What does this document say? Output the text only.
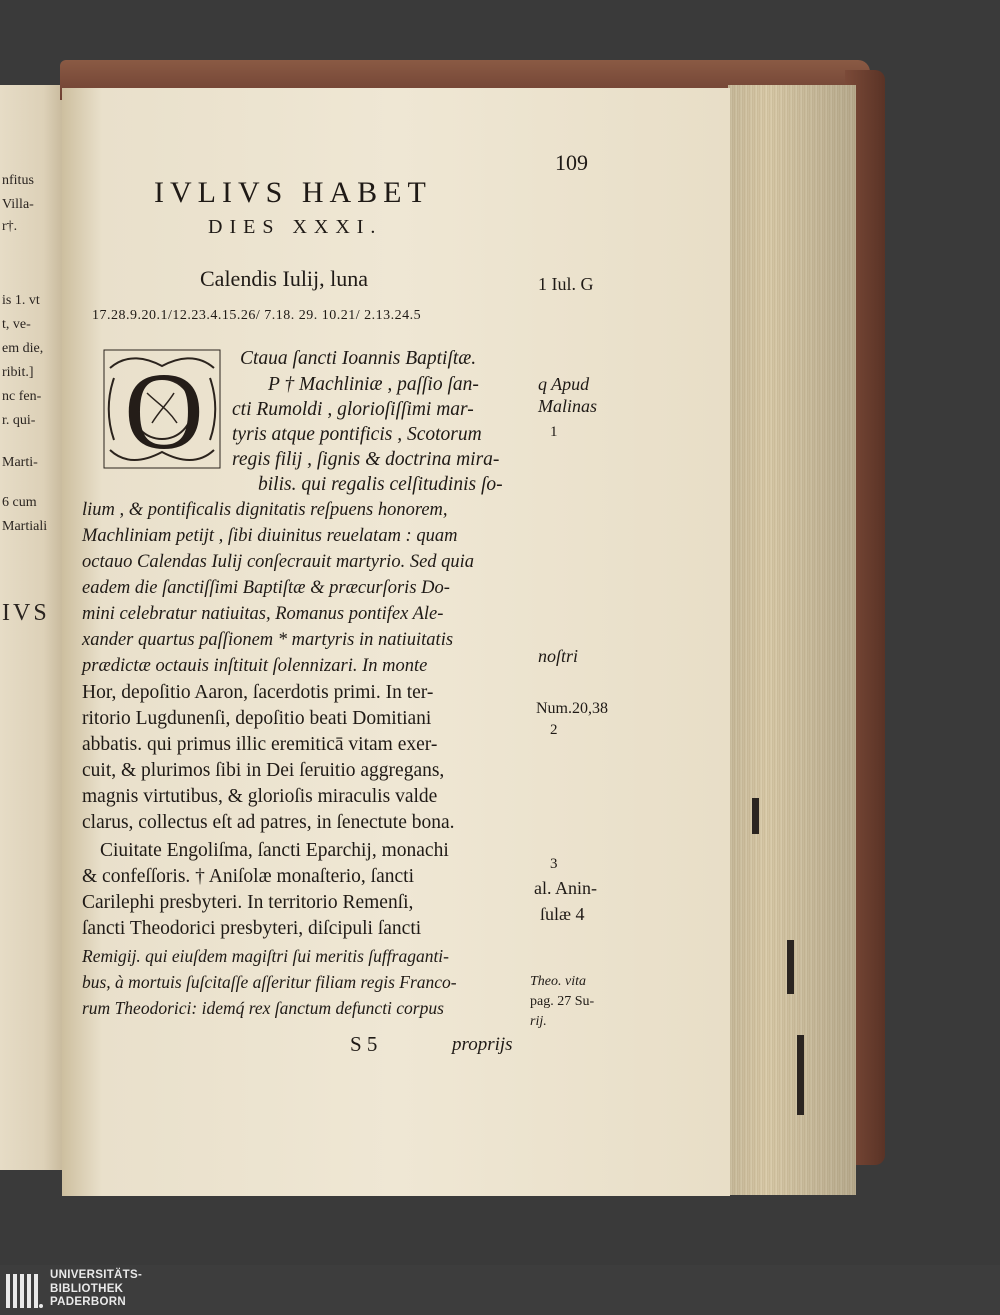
nfitus
Villa-
r†.
is 1. vt
t, ve-
em die,
ribit.]
nc fen-
r. qui-
Marti-
6 cum
Martiali
IVS
109
IVLIVS HABET
DIES XXXI.
Calendis Iulij, luna
17.28.9.20.1/12.23.4.15.26/ 7.18. 29. 10.21/ 2.13.24.5
O	Ctaua ſancti Ioannis Baptiſtæ.
P † Machliniæ , paſſio ſan-
cti Rumoldi , glorioſiſſimi mar-
tyris atque pontificis , Scotorum
regis filij , ſignis & doctrina mira-
bilis. qui regalis celſitudinis ſo-
lium , & pontificalis dignitatis reſpuens honorem,
Machliniam petijt , ſibi diuinitus reuelatam : quam
octauo Calendas Iulij conſecrauit martyrio. Sed quia
eadem die ſanctiſſimi Baptiſtæ & præcurſoris Do-
mini celebratur natiuitas, Romanus pontifex Ale-
xander quartus paſſionem * martyris in natiuitatis
prædictæ octauis inſtituit ſolennizari. In monte
Hor, depoſitio Aaron, ſacerdotis primi. In ter-
ritorio Lugdunenſi, depoſitio beati Domitiani
abbatis. qui primus illic eremiticā vitam exer-
cuit, & plurimos ſibi in Dei ſeruitio aggregans,
magnis virtutibus, & glorioſis miraculis valde
clarus, collectus eſt ad patres, in ſenectute bona.
Ciuitate Engoliſma, ſancti Eparchij, monachi
& confeſſoris. † Aniſolæ monaſterio, ſancti
Carilephi presbyteri. In territorio Remenſi,
ſancti Theodorici presbyteri, diſcipuli ſancti
Remigij. qui eiuſdem magiſtri ſui meritis ſuffraganti-
bus, à mortuis ſuſcitaſſe aſſeritur filiam regis Franco-
rum Theodorici: idemq́ rex ſanctum defuncti corpus
S 5	proprijs
1 Iul. G
q Apud
Malinas
1
noſtri
Num.20,38
2
3
al. Anin-
ſulæ 4
Theo. vita
pag. 27 Su-
rij.
UNIVERSITÄTS-
BIBLIOTHEK
PADERBORN
